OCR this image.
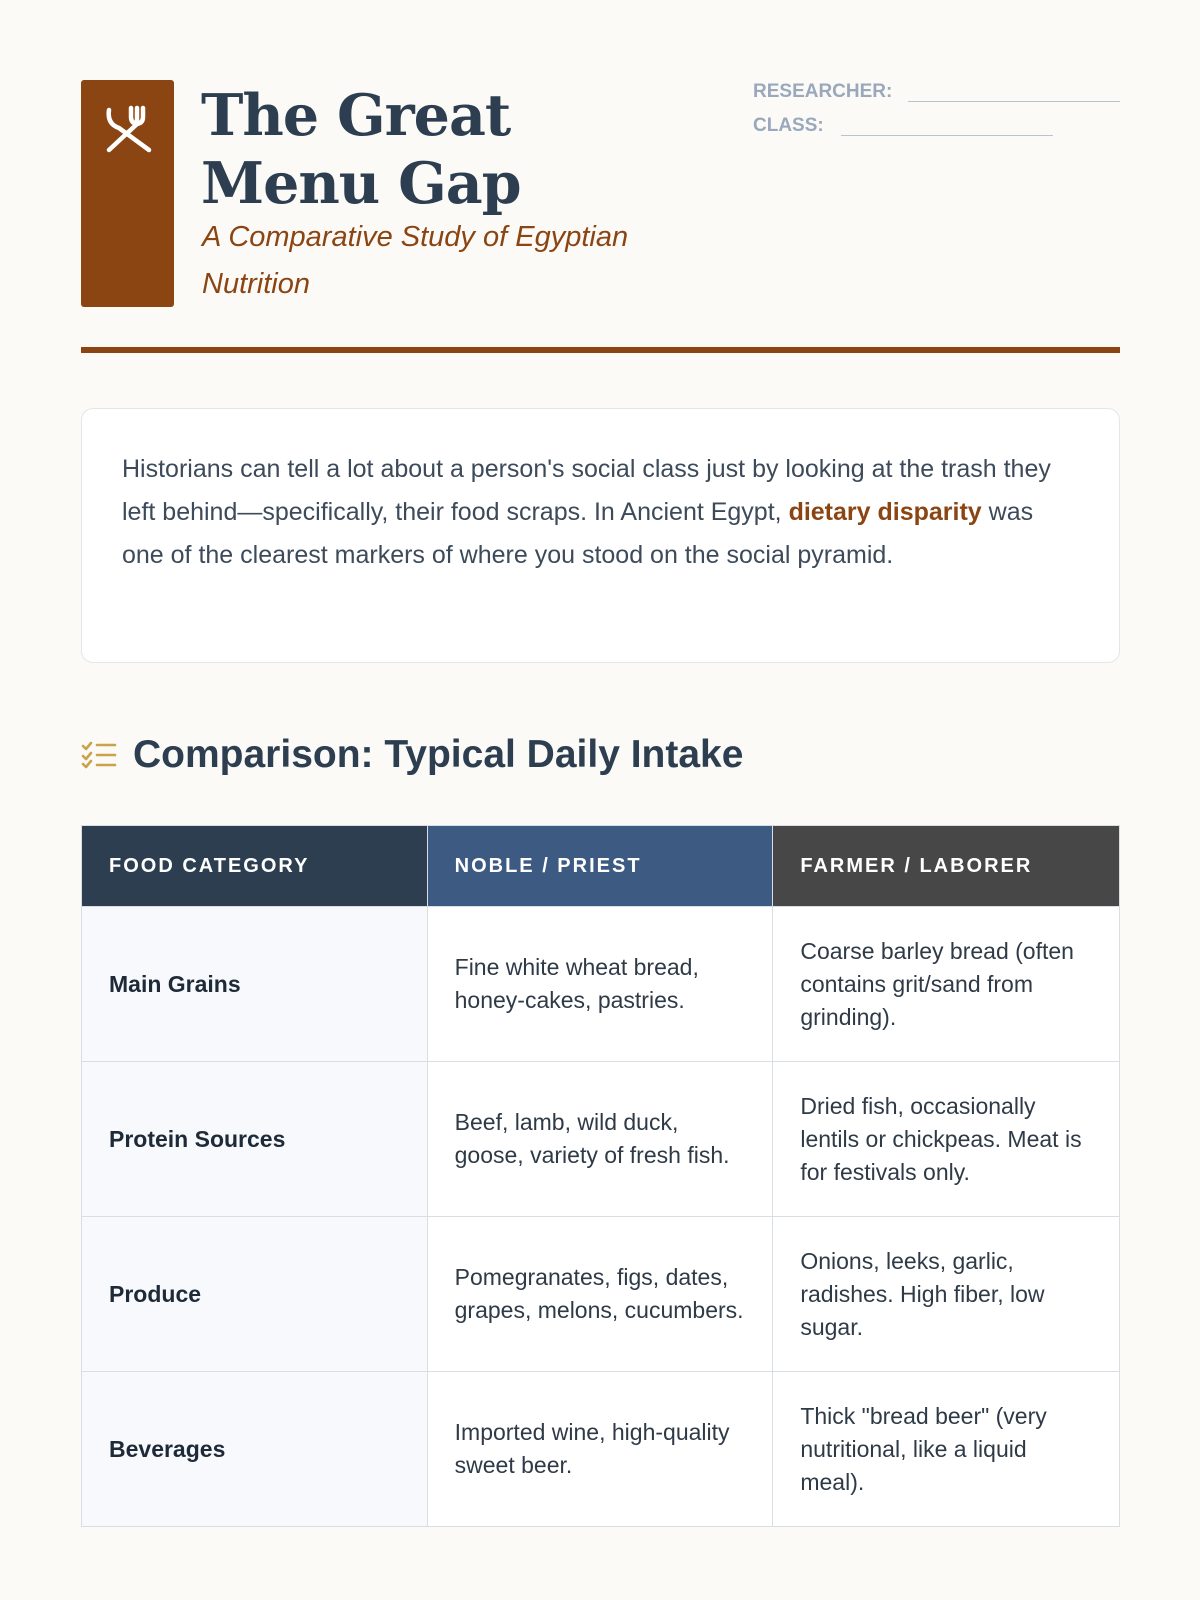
The Great Menu Gap
A Comparative Study of Egyptian Nutrition
RESEARCHER:
CLASS:
Historians can tell a lot about a person's social class just by looking at the trash they left behind—specifically, their food scraps. In Ancient Egypt, dietary disparity was one of the clearest markers of where you stood on the social pyramid.
Comparison: Typical Daily Intake
FOOD CATEGORY	NOBLE / PRIEST	FARMER / LABORER
Main Grains	Fine white wheat bread, honey-cakes, pastries.	Coarse barley bread (often contains grit/sand from grinding).
Protein Sources	Beef, lamb, wild duck, goose, variety of fresh fish.	Dried fish, occasionally lentils or chickpeas. Meat is for festivals only.
Produce	Pomegranates, figs, dates, grapes, melons, cucumbers.	Onions, leeks, garlic, radishes. High fiber, low sugar.
Beverages	Imported wine, high-quality sweet beer.	Thick "bread beer" (very nutritional, like a liquid meal).
